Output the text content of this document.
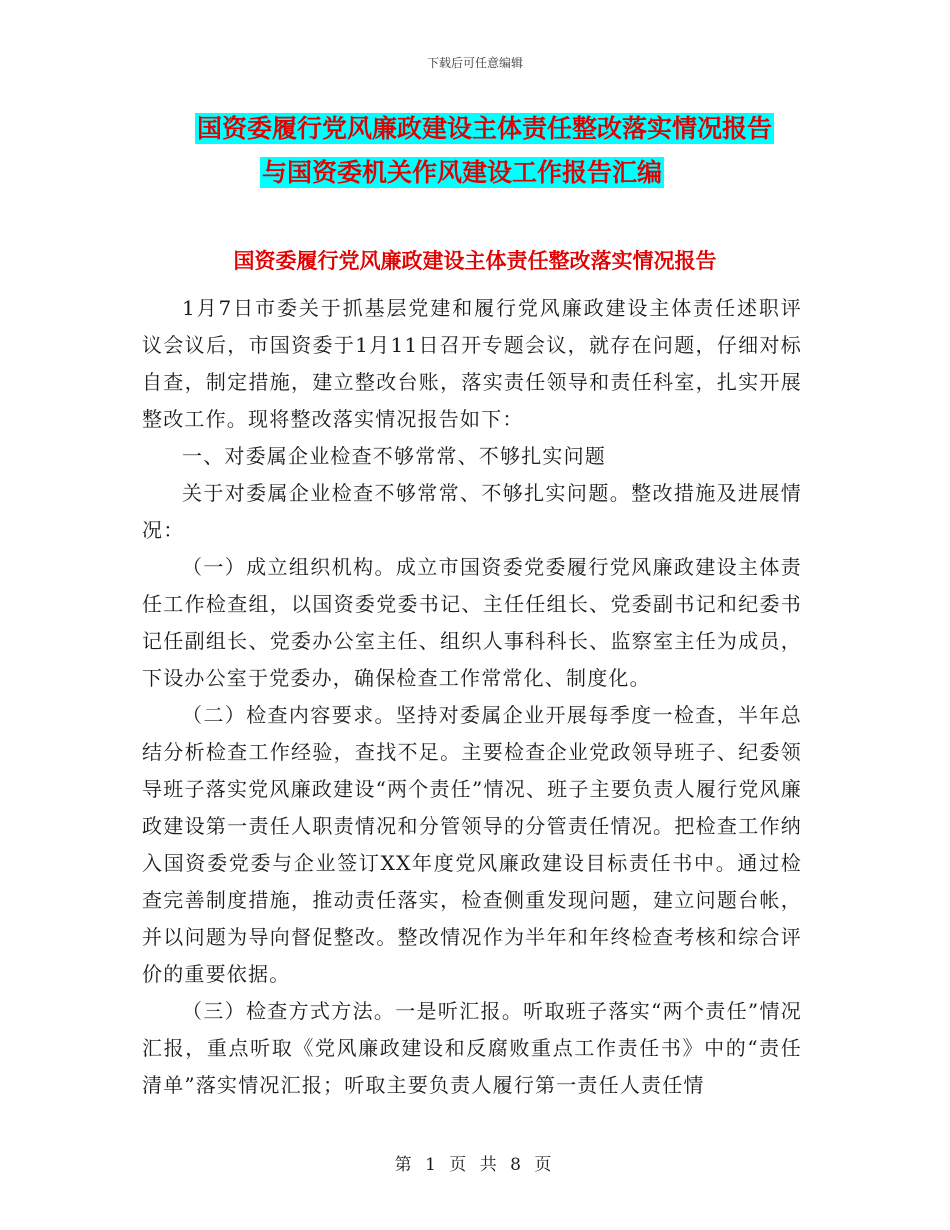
下载后可任意编辑
国资委履行党风廉政建设主体责任整改落实情况报告
与国资委机关作风建设工作报告汇编
国资委履行党风廉政建设主体责任整改落实情况报告

1月7日市委关于抓基层党建和履行党风廉政建设主体责任述职评议会议后，市国资委于1月11日召开专题会议，就存在问题，仔细对标自查，制定措施，建立整改台账，落实责任领导和责任科室，扎实开展整改工作。现将整改落实情况报告如下：

一、对委属企业检查不够常常、不够扎实问题

关于对委属企业检查不够常常、不够扎实问题。整改措施及进展情况：

（一）成立组织机构。成立市国资委党委履行党风廉政建设主体责任工作检查组，以国资委党委书记、主任任组长、党委副书记和纪委书记任副组长、党委办公室主任、组织人事科科长、监察室主任为成员，下设办公室于党委办，确保检查工作常常化、制度化。

（二）检查内容要求。坚持对委属企业开展每季度一检查，半年总结分析检查工作经验，查找不足。主要检查企业党政领导班子、纪委领导班子落实党风廉政建设“两个责任”情况、班子主要负责人履行党风廉政建设第一责任人职责情况和分管领导的分管责任情况。把检查工作纳入国资委党委与企业签订XX年度党风廉政建设目标责任书中。通过检查完善制度措施，推动责任落实，检查侧重发现问题，建立问题台帐，并以问题为导向督促整改。整改情况作为半年和年终检查考核和综合评价的重要依据。

（三）检查方式方法。一是听汇报。听取班子落实“两个责任”情况汇报，重点听取《党风廉政建设和反腐败重点工作责任书》中的“责任清单”落实情况汇报；听取主要负责人履行第一责任人责任情

第 1 页 共 8 页
